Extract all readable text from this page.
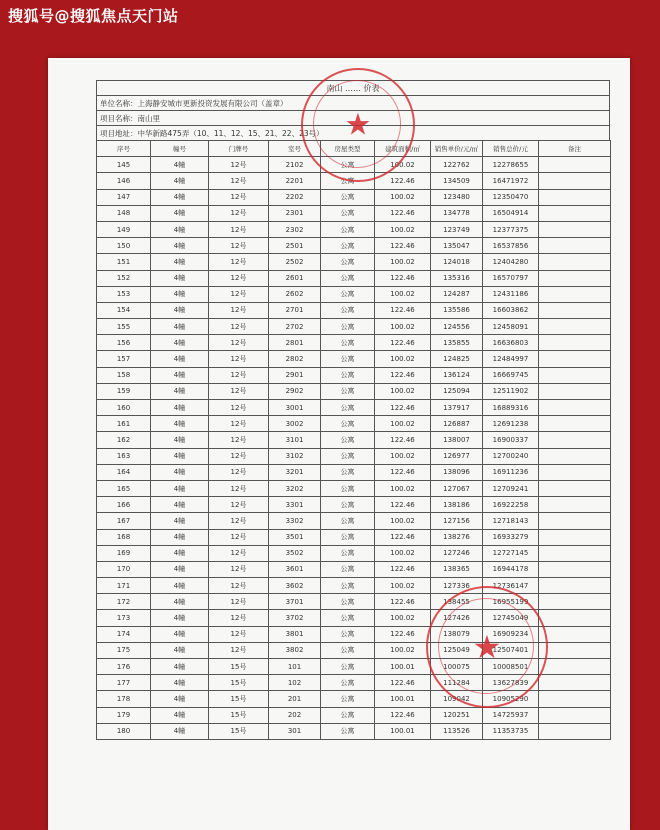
搜狐号@搜狐焦点天门站
南山 …… 价表
单位名称：上海静安城市更新投资发展有限公司（盖章）
项目名称：南山里
项目地址：中华新路475弄（10、11、12、15、21、22、23号）
序号	幢号	门牌号	室号	房屋类型	建筑面积/㎡	销售单价/元/㎡	销售总价/元	备注
145	4幢	12号	2102	公寓	100.02	122762	12278655	
146	4幢	12号	2201	公寓	122.46	134509	16471972	
147	4幢	12号	2202	公寓	100.02	123480	12350470	
148	4幢	12号	2301	公寓	122.46	134778	16504914	
149	4幢	12号	2302	公寓	100.02	123749	12377375	
150	4幢	12号	2501	公寓	122.46	135047	16537856	
151	4幢	12号	2502	公寓	100.02	124018	12404280	
152	4幢	12号	2601	公寓	122.46	135316	16570797	
153	4幢	12号	2602	公寓	100.02	124287	12431186	
154	4幢	12号	2701	公寓	122.46	135586	16603862	
155	4幢	12号	2702	公寓	100.02	124556	12458091	
156	4幢	12号	2801	公寓	122.46	135855	16636803	
157	4幢	12号	2802	公寓	100.02	124825	12484997	
158	4幢	12号	2901	公寓	122.46	136124	16669745	
159	4幢	12号	2902	公寓	100.02	125094	12511902	
160	4幢	12号	3001	公寓	122.46	137917	16889316	
161	4幢	12号	3002	公寓	100.02	126887	12691238	
162	4幢	12号	3101	公寓	122.46	138007	16900337	
163	4幢	12号	3102	公寓	100.02	126977	12700240	
164	4幢	12号	3201	公寓	122.46	138096	16911236	
165	4幢	12号	3202	公寓	100.02	127067	12709241	
166	4幢	12号	3301	公寓	122.46	138186	16922258	
167	4幢	12号	3302	公寓	100.02	127156	12718143	
168	4幢	12号	3501	公寓	122.46	138276	16933279	
169	4幢	12号	3502	公寓	100.02	127246	12727145	
170	4幢	12号	3601	公寓	122.46	138365	16944178	
171	4幢	12号	3602	公寓	100.02	127336	12736147	
172	4幢	12号	3701	公寓	122.46	138455	16955199	
173	4幢	12号	3702	公寓	100.02	127426	12745049	
174	4幢	12号	3801	公寓	122.46	138079	16909234	
175	4幢	12号	3802	公寓	100.02	125049	12507401	
176	4幢	15号	101	公寓	100.01	100075	10008501	
177	4幢	15号	102	公寓	122.46	111284	13627839	
178	4幢	15号	201	公寓	100.01	109042	10905290	
179	4幢	15号	202	公寓	122.46	120251	14725937	
180	4幢	15号	301	公寓	100.01	113526	11353735	
★
★
